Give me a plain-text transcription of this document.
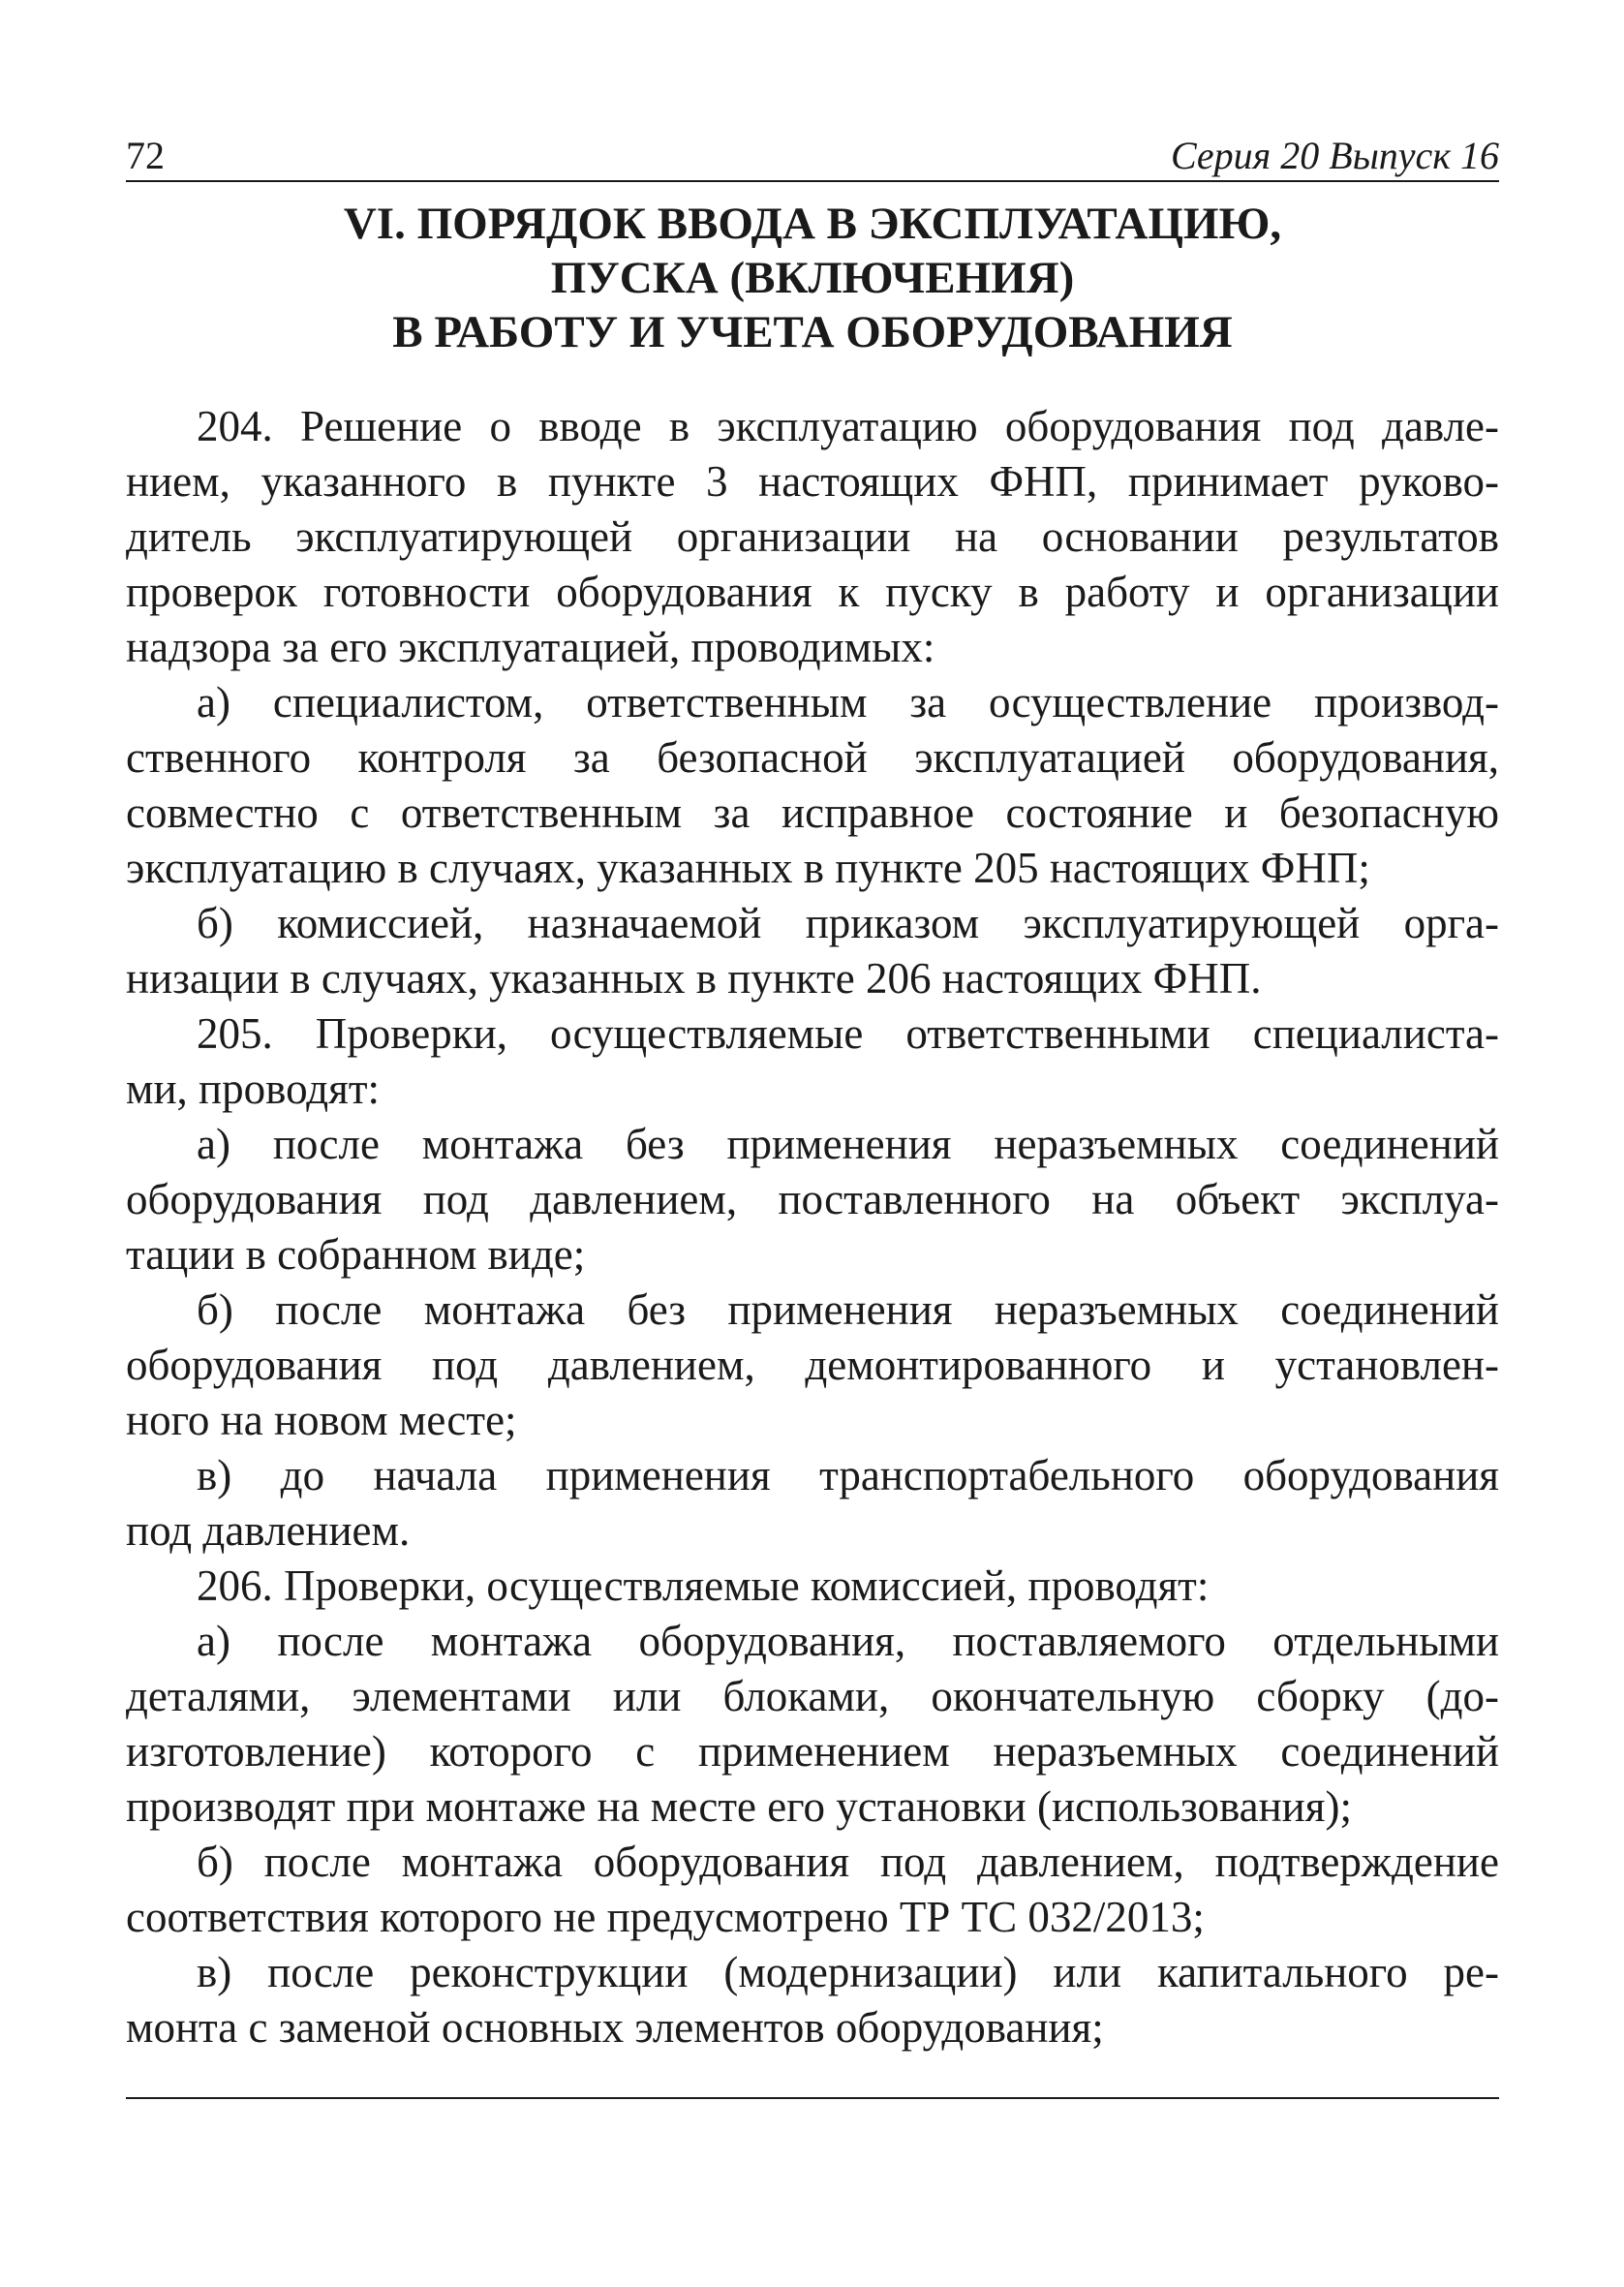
72	Серия 20 Выпуск 16
VI. ПОРЯДОК ВВОДА В ЭКСПЛУАТАЦИЮ,
ПУСКА (ВКЛЮЧЕНИЯ)
В РАБОТУ И УЧЕТА ОБОРУДОВАНИЯ
204. Решение о вводе в эксплуатацию оборудования под давле-
нием, указанного в пункте 3 настоящих ФНП, принимает руково-
дитель эксплуатирующей организации на основании результатов
проверок готовности оборудования к пуску в работу и организации
надзора за его эксплуатацией, проводимых:
а) специалистом, ответственным за осуществление производ-
ственного контроля за безопасной эксплуатацией оборудования,
совместно с ответственным за исправное состояние и безопасную
эксплуатацию в случаях, указанных в пункте 205 настоящих ФНП;
б) комиссией, назначаемой приказом эксплуатирующей орга-
низации в случаях, указанных в пункте 206 настоящих ФНП.
205. Проверки, осуществляемые ответственными специалиста-
ми, проводят:
а) после монтажа без применения неразъемных соединений
оборудования под давлением, поставленного на объект эксплуа-
тации в собранном виде;
б) после монтажа без применения неразъемных соединений
оборудования под давлением, демонтированного и установлен-
ного на новом месте;
в) до начала применения транспортабельного оборудования
под давлением.
206. Проверки, осуществляемые комиссией, проводят:
а) после монтажа оборудования, поставляемого отдельными
деталями, элементами или блоками, окончательную сборку (до-
изготовление) которого с применением неразъемных соединений
производят при монтаже на месте его установки (использования);
б) после монтажа оборудования под давлением, подтверждение
соответствия которого не предусмотрено ТР ТС 032/2013;
в) после реконструкции (модернизации) или капитального ре-
монта с заменой основных элементов оборудования;
